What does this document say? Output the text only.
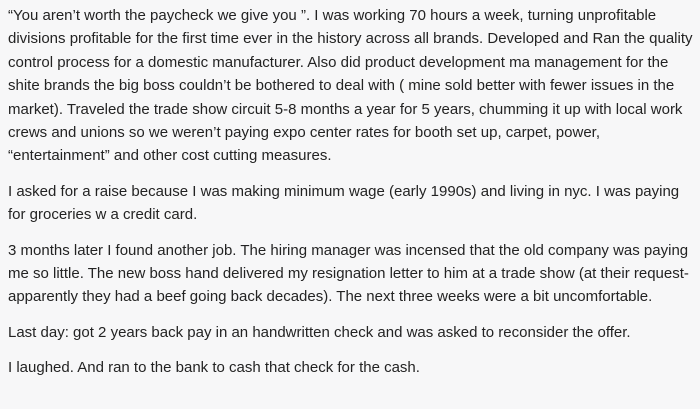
“You aren’t worth the paycheck we give you ”. I was working 70 hours a week, turning unprofitable divisions profitable for the first time ever in the history across all brands. Developed and Ran the quality control process for a domestic manufacturer. Also did product development ma management for the shite brands the big boss couldn’t be bothered to deal with ( mine sold better with fewer issues in the market). Traveled the trade show circuit 5-8 months a year for 5 years, chumming it up with local work crews and unions so we weren’t paying expo center rates for booth set up, carpet, power, “entertainment” and other cost cutting measures.

I asked for a raise because I was making minimum wage (early 1990s) and living in nyc. I was paying for groceries w a credit card.

3 months later I found another job. The hiring manager was incensed that the old company was paying me so little. The new boss hand delivered my resignation letter to him at a trade show (at their request- apparently they had a beef going back decades). The next three weeks were a bit uncomfortable.

Last day: got 2 years back pay in an handwritten check and was asked to reconsider the offer.

I laughed. And ran to the bank to cash that check for the cash.
